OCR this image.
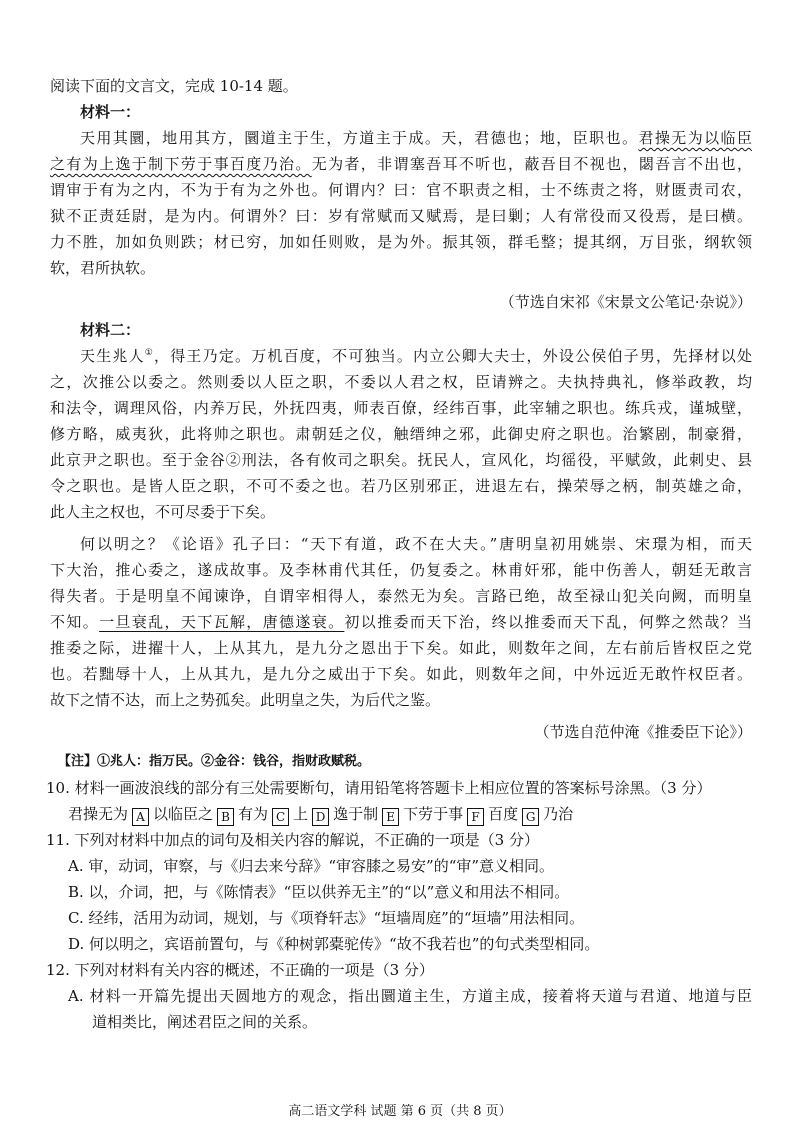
阅读下面的文言文，完成 10-14 题。
材料一：
天用其圜，地用其方，圜道主于生，方道主于成。天，君德也；地，臣职也。君操无为以临臣
之有为上逸于制下劳于事百度乃治。无为者，非谓塞吾耳不听也，蔽吾目不视也，閟吾言不出也，
谓审于有为之内，不为于有为之外也。何谓内？曰：官不职责之相，士不练责之将，财匮责司农，
狱不正责廷尉，是为内。何谓外？曰：岁有常赋而又赋焉，是曰剿；人有常役而又役焉，是曰横。
力不胜，加如负则跌；材已穷，加如任则败，是为外。振其领，群毛整；提其纲，万目张，纲软领
软，君所执软。
（节选自宋祁《宋景文公笔记·杂说》）
材料二：
天生兆人①，得王乃定。万机百度，不可独当。内立公卿大夫士，外设公侯伯子男，先择材以处
之，次推公以委之。然则委以人臣之职，不委以人君之权，臣请辨之。夫执持典礼，修举政教，均
和法令，调理风俗，内养万民，外抚四夷，师表百僚，经纬百事，此宰辅之职也。练兵戎，谨城壁，
修方略，威夷狄，此将帅之职也。肃朝廷之仪，触缙绅之邪，此御史府之职也。治繁剧，制豪猾，
此京尹之职也。至于金谷②刑法，各有攸司之职矣。抚民人，宣风化，均徭役，平赋敛，此刺史、县
令之职也。是皆人臣之职，不可不委之也。若乃区别邪正，进退左右，操荣辱之柄，制英雄之命，
此人主之权也，不可尽委于下矣。
何以明之？《论语》孔子曰：“天下有道，政不在大夫。”唐明皇初用姚崇、宋璟为相，而天
下大治，推心委之，遂成故事。及李林甫代其任，仍复委之。林甫奸邪，能中伤善人，朝廷无敢言
得失者。于是明皇不闻谏诤，自谓宰相得人，泰然无为矣。言路已绝，故至禄山犯关向阙，而明皇
不知。一旦衰乱，天下瓦解，唐德遂衰。初以推委而天下治，终以推委而天下乱，何弊之然哉？当
推委之际，进擢十人，上从其九，是九分之恩出于下矣。如此，则数年之间，左右前后皆权臣之党
也。若黜辱十人，上从其九，是九分之威出于下矣。如此，则数年之间，中外远近无敢忤权臣者。
故下之情不达，而上之势孤矣。此明皇之失，为后代之鉴。
（节选自范仲淹《推委臣下论》）
【注】①兆人：指万民。②金谷：钱谷，指财政赋税。
10. 材料一画波浪线的部分有三处需要断句，请用铅笔将答题卡上相应位置的答案标号涂黑。（3 分）
君操无为 A 以临臣之 B 有为 C 上 D 逸于制 E 下劳于事 F 百度 G 乃治
11. 下列对材料中加点的词句及相关内容的解说，不正确的一项是（3 分）
A. 审，动词，审察，与《归去来兮辞》“审容膝之易安”的“审”意义相同。
B. 以，介词，把，与《陈情表》“臣以供养无主”的“以”意义和用法不相同。
C. 经纬，活用为动词，规划，与《项脊轩志》“垣墙周庭”的“垣墙”用法相同。
D. 何以明之，宾语前置句，与《种树郭橐驼传》“故不我若也”的句式类型相同。
12. 下列对材料有关内容的概述，不正确的一项是（3 分）
A. 材料一开篇先提出天圆地方的观念，指出圜道主生，方道主成，接着将天道与君道、地道与臣
道相类比，阐述君臣之间的关系。
高二语文学科 试题 第 6 页（共 8 页）
